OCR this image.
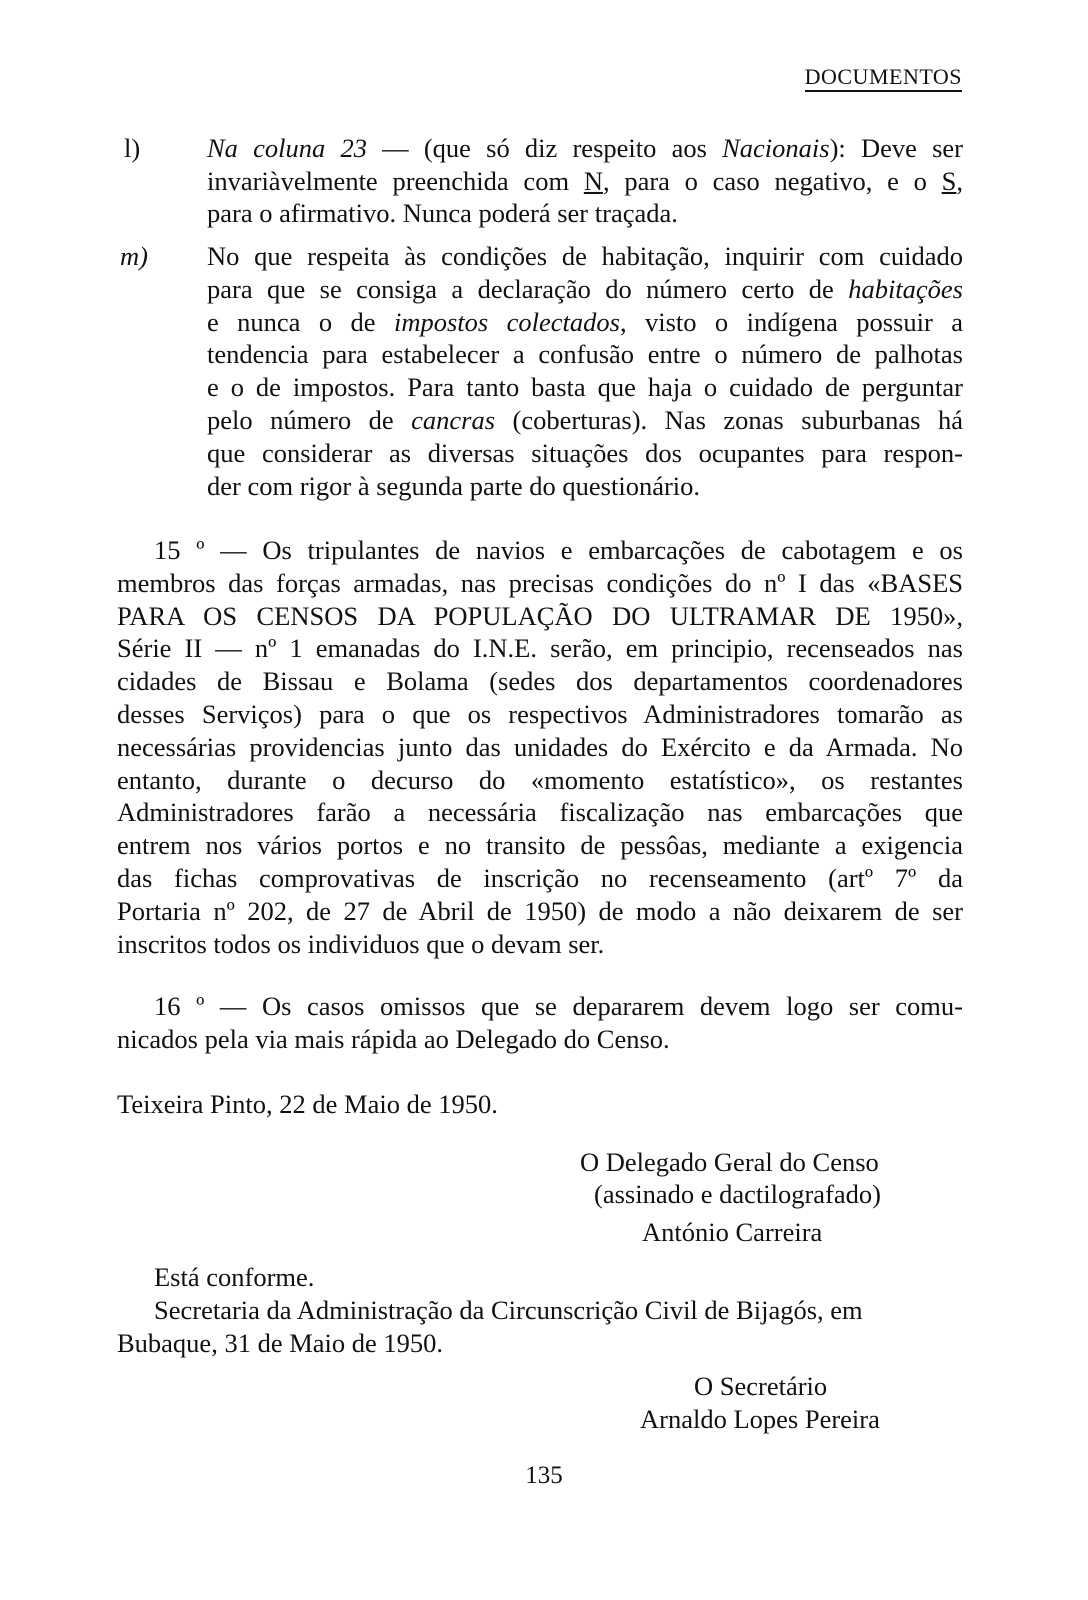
DOCUMENTOS
l)	Na coluna 23 — (que só diz respeito aos Nacionais): Deve ser
invariàvelmente preenchida com N, para o caso negativo, e o S,
para o afirmativo. Nunca poderá ser traçada.
m) No que respeita às condições de habitação, inquirir com cuidado
para que se consiga a declaração do número certo de habitações
e nunca o de impostos colectados, visto o indígena possuir a
tendencia para estabelecer a confusão entre o número de palhotas
e o de impostos. Para tanto basta que haja o cuidado de perguntar
pelo número de cancras (coberturas). Nas zonas suburbanas há
que considerar as diversas situações dos ocupantes para respon-
der com rigor à segunda parte do questionário.
15 º — Os tripulantes de navios e embarcações de cabotagem e os
membros das forças armadas, nas precisas condições do nº I das «BASES
PARA OS CENSOS DA POPULAÇÃO DO ULTRAMAR DE 1950»,
Série II — nº 1 emanadas do I.N.E. serão, em principio, recenseados nas
cidades de Bissau e Bolama (sedes dos departamentos coordenadores
desses Serviços) para o que os respectivos Administradores tomarão as
necessárias providencias junto das unidades do Exército e da Armada. No
entanto, durante o decurso do «momento estatístico», os restantes
Administradores farão a necessária fiscalização nas embarcações que
entrem nos vários portos e no transito de pessôas, mediante a exigencia
das fichas comprovativas de inscrição no recenseamento (artº 7º da
Portaria nº 202, de 27 de Abril de 1950) de modo a não deixarem de ser
inscritos todos os individuos que o devam ser.
16 º — Os casos omissos que se depararem devem logo ser comu-
nicados pela via mais rápida ao Delegado do Censo.
Teixeira Pinto, 22 de Maio de 1950.
O Delegado Geral do Censo
(assinado e dactilografado)
António Carreira
Está conforme.
Secretaria da Administração da Circunscrição Civil de Bijagós, em
Bubaque, 31 de Maio de 1950.
O Secretário
Arnaldo Lopes Pereira
135
